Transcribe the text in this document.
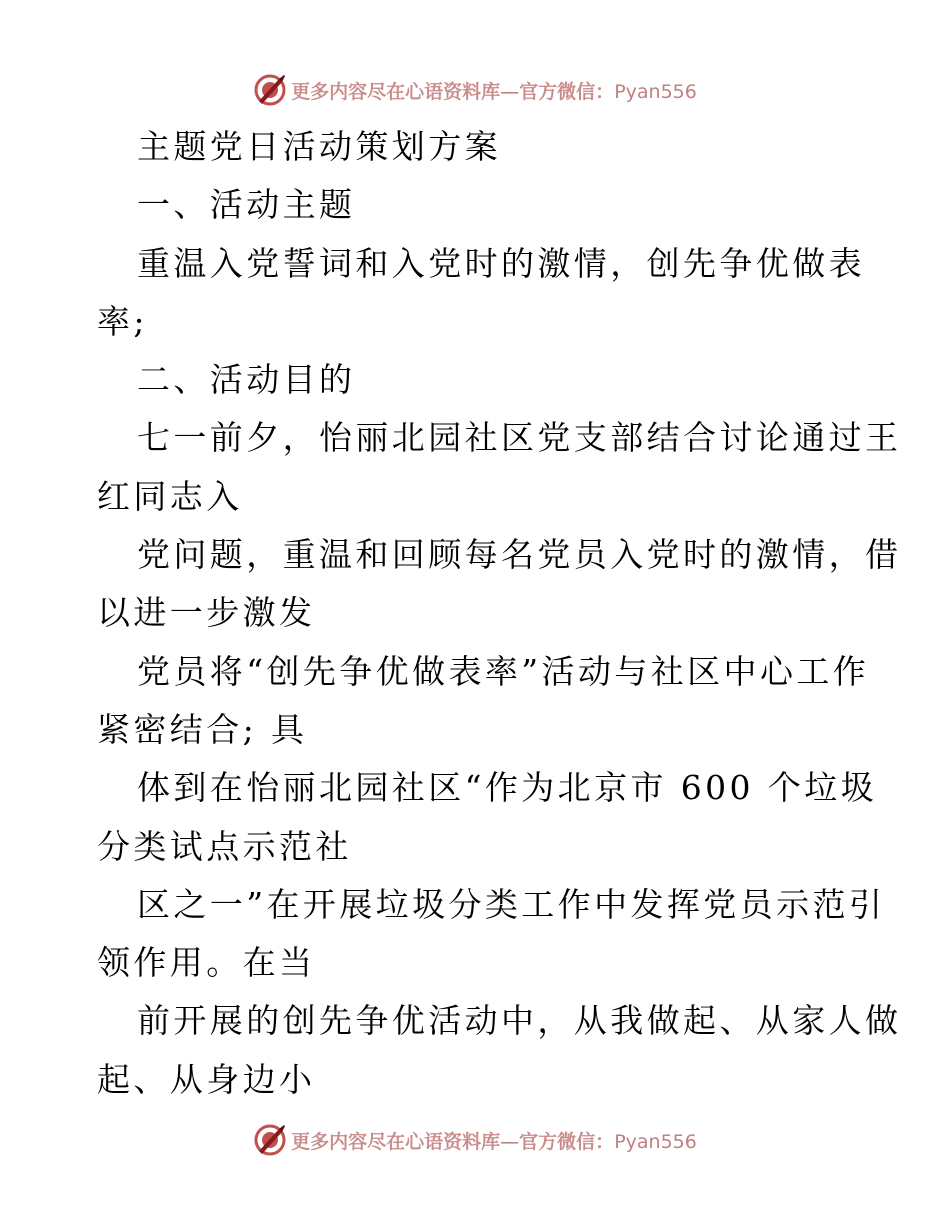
更多内容尽在心语资料库—官方微信：Pyan556
主题党日活动策划方案
一、活动主题
重温入党誓词和入党时的激情，创先争优做表
率;
二、活动目的
七一前夕，怡丽北园社区党支部结合讨论通过王
红同志入
党问题，重温和回顾每名党员入党时的激情，借
以进一步激发
党员将“创先争优做表率”活动与社区中心工作
紧密结合; 具
体到在怡丽北园社区“作为北京市 600 个垃圾
分类试点示范社
区之一”在开展垃圾分类工作中发挥党员示范引
领作用。在当
前开展的创先争优活动中，从我做起、从家人做
起、从身边小
更多内容尽在心语资料库—官方微信：Pyan556
